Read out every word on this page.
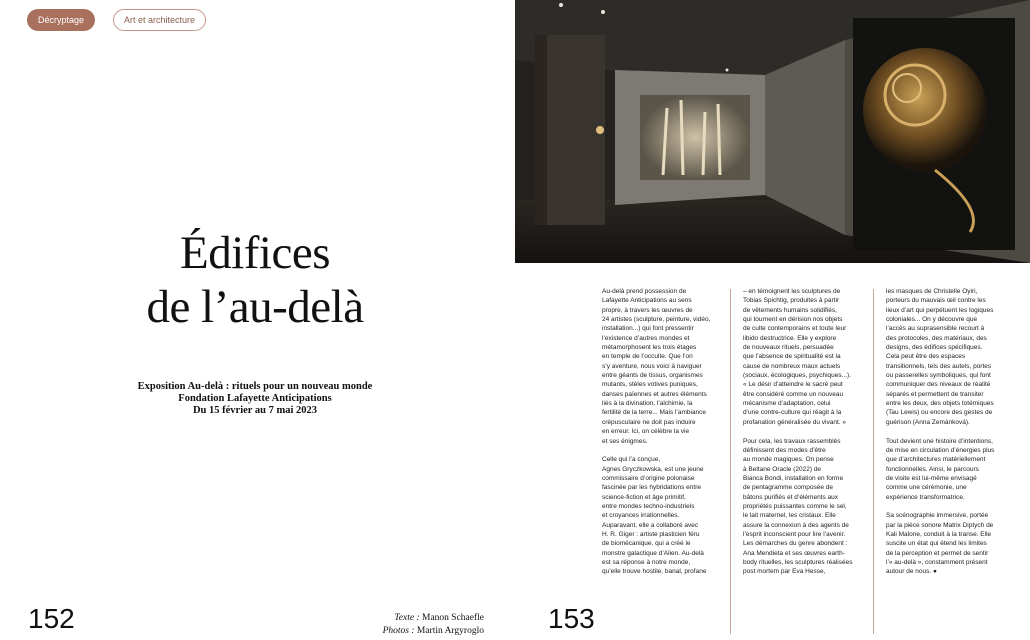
Décryptage	Art et architecture
Édifices
de l’au-delà
Exposition Au-delà : rituels pour un nouveau monde
Fondation Lafayette Anticipations
Du 15 février au 7 mai 2023
152	153
Texte : Manon Schaefle
Photos : Martin Argyroglo
Au-delà prend possession de
Lafayette Anticipations au sens
propre, à travers les œuvres de
24 artistes (sculpture, peinture, vidéo,
installation...) qui font pressentir
l’existence d’autres mondes et
métamorphosent les trois étages
en temple de l’occulte. Que l’on
s’y aventure, nous voici à naviguer
entre géants de tissus, organismes
mutants, stèles votives puniques,
danses païennes et autres éléments
liés à la divination, l’alchimie, la
fertilité de la terre... Mais l’ambiance
crépusculaire ne doit pas induire
en erreur. Ici, on célèbre la vie
et ses énigmes.
Celle qui l’a conçue,
Agnes Gryczkowska, est une jeune
commissaire d’origine polonaise
fascinée par les hybridations entre
science-fiction et âge primitif,
entre mondes techno-industriels
et croyances irrationnelles.
Auparavant, elle a collaboré avec
H. R. Giger : artiste plasticien féru
de biomécanique, qui a créé le
monstre galactique d’Alien. Au-delà
est sa réponse à notre monde,
qu’elle trouve hostile, banal, profane
– en témoignent les sculptures de
Tobias Spichtig, produites à partir
de vêtements humains solidifiés,
qui tournent en dérision nos objets
de culte contemporains et toute leur
libido destructrice. Elle y explore
de nouveaux rituels, persuadée
que l’absence de spiritualité est la
cause de nombreux maux actuels
(sociaux, écologiques, psychiques...).
« Le désir d’atteindre le sacré peut
être considéré comme un nouveau
mécanisme d’adaptation, celui
d’une contre-culture qui réagit à la
profanation généralisée du vivant. »
Pour cela, les travaux rassemblés
définissent des modes d’être
au monde magiques. On pense
à Beltane Oracle (2022) de
Bianca Bondi, installation en forme
de pentagramme composée de
bâtons purifiés et d’éléments aux
propriétés puissantes comme le sel,
le lait maternel, les cristaux. Elle
assure la connexion à des agents de
l’esprit inconscient pour lire l’avenir.
Les démarches du genre abondent :
Ana Mendieta et ses œuvres earth-
body rituelles, les sculptures réalisées
post mortem par Eva Hesse,
les masques de Christelle Oyiri,
porteurs du mauvais œil contre les
lieux d’art qui perpétuent les logiques
coloniales... On y découvre que
l’accès au suprasensible recourt à
des protocoles, des matériaux, des
designs, des édifices spécifiques.
Cela peut être des espaces
transitionnels, tels des autels, portes
ou passerelles symboliques, qui font
communiquer des niveaux de réalité
séparés et permettent de transiter
entre les deux, des objets totémiques
(Tau Lewis) ou encore des gestes de
guérison (Anna Zemánková).
Tout devient une histoire d’intentions,
de mise en circulation d’énergies plus
que d’architectures matériellement
fonctionnelles. Ainsi, le parcours
de visite est lui-même envisagé
comme une cérémonie, une
expérience transformatrice.
Sa scénographie immersive, portée
par la pièce sonore Matrix Diptych de
Kali Malone, conduit à la transe. Elle
suscite un état qui étend les limites
de la perception et permet de sentir
l’« au-delà », constamment présent
autour de nous. ●
